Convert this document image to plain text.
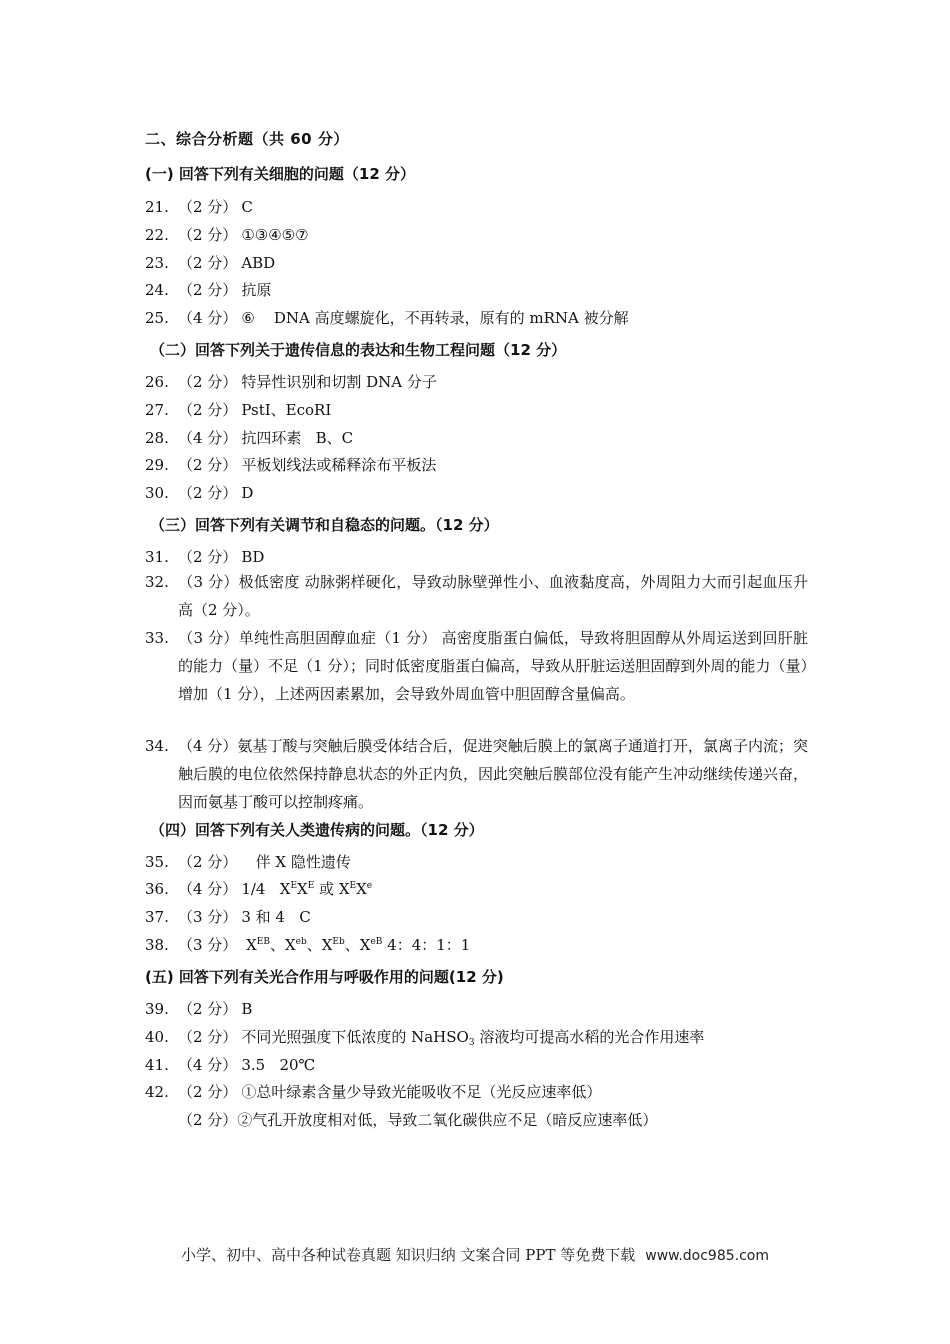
二、综合分析题（共 60 分）
(一) 回答下列有关细胞的问题（12 分）
21. （2 分） C
22. （2 分） ①③④⑤⑦
23. （2 分） ABD
24. （2 分） 抗原
25. （4 分） ⑥    DNA 高度螺旋化，不再转录，原有的 mRNA 被分解
（二）回答下列关于遗传信息的表达和生物工程问题（12 分）
26. （2 分） 特异性识别和切割 DNA 分子
27. （2 分） PstⅠ、EcoRⅠ
28. （4 分） 抗四环素   B、C
29. （2 分） 平板划线法或稀释涂布平板法
30. （2 分） D
（三）回答下列有关调节和自稳态的问题。（12 分）
31. （2 分） BD
32. （3 分）极低密度 动脉粥样硬化，导致动脉壁弹性小、血液黏度高，外周阻力大而引起血压升高（2 分）。
33. （3 分）单纯性高胆固醇血症（1 分） 高密度脂蛋白偏低，导致将胆固醇从外周运送到回肝脏的能力（量）不足（1 分）；同时低密度脂蛋白偏高，导致从肝脏运送胆固醇到外周的能力（量）增加（1 分），上述两因素累加，会导致外周血管中胆固醇含量偏高。
34. （4 分）氨基丁酸与突触后膜受体结合后，促进突触后膜上的氯离子通道打开，氯离子内流；突触后膜的电位依然保持静息状态的外正内负，因此突触后膜部位没有能产生冲动继续传递兴奋，因而氨基丁酸可以控制疼痛。
（四）回答下列有关人类遗传病的问题。（12 分）
35. （2 分）   伴 X 隐性遗传
36. （4 分） 1/4   $X^EX^E$ 或 $X^EXe$
37. （3 分） 3 和 4   C
38. （3 分） $X^{EB}$、$X^{eb}$、$X^{Eb}$、$X^{eB}$ 4：4：1：1
(五) 回答下列有关光合作用与呼吸作用的问题(12 分)
39. （2 分） B
40. （2 分） 不同光照强度下低浓度的 NaHSO$_3$ 溶液均可提高水稻的光合作用速率
41. （4 分） 3.5   20℃
42. （2 分） ①总叶绿素含量少导致光能吸收不足（光反应速率低）
（2 分）②气孔开放度相对低，导致二氧化碳供应不足（暗反应速率低）
小学、初中、高中各种试卷真题 知识归纳 文案合同 PPT 等免费下载 www.doc985.com
